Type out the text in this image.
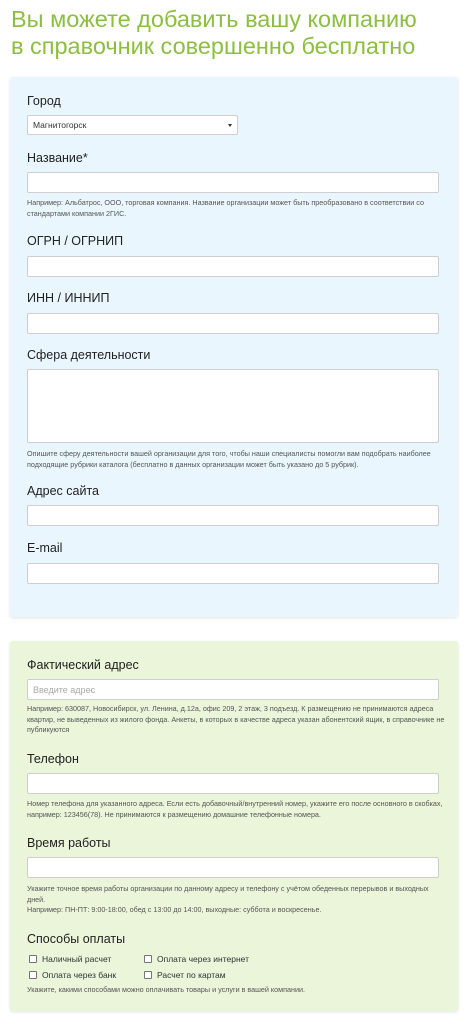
Вы можете добавить вашу компанию
в справочник совершенно бесплатно
Город
Магнитогорск
Название*
Например: Альбатрос, ООО, торговая компания. Название организации может быть преобразовано в соответствии со стандартами компании 2ГИС.
ОГРН / ОГРНИП
ИНН / ИННИП
Сфера деятельности
Опишите сферу деятельности вашей организации для того, чтобы наши специалисты помогли вам подобрать наиболее подходящие рубрики каталога (бесплатно в данных организации может быть указано до 5 рубрик).
Адрес сайта
E-mail
Фактический адрес
Введите адрес
Например: 630087, Новосибирск, ул. Ленина, д.12а, офис 209, 2 этаж, 3 подъезд. К размещению не принимаются адреса квартир, не выведенных из жилого фонда. Анкеты, в которых в качестве адреса указан абонентский ящик, в справочнике не публикуются
Телефон
Номер телефона для указанного адреса. Если есть добавочный/внутренний номер, укажите его после основного в скобках, например: 123456(78). Не принимаются к размещению домашние телефонные номера.
Время работы
Укажите точное время работы организации по данному адресу и телефону с учётом обеденных перерывов и выходных дней.
Например: ПН-ПТ: 9:00-18:00, обед с 13:00 до 14:00, выходные: суббота и воскресенье.
Способы оплаты
Наличный расчет	Оплата через интернет
Оплата через банк	Расчет по картам
Укажите, какими способами можно оплачивать товары и услуги в вашей компании.
